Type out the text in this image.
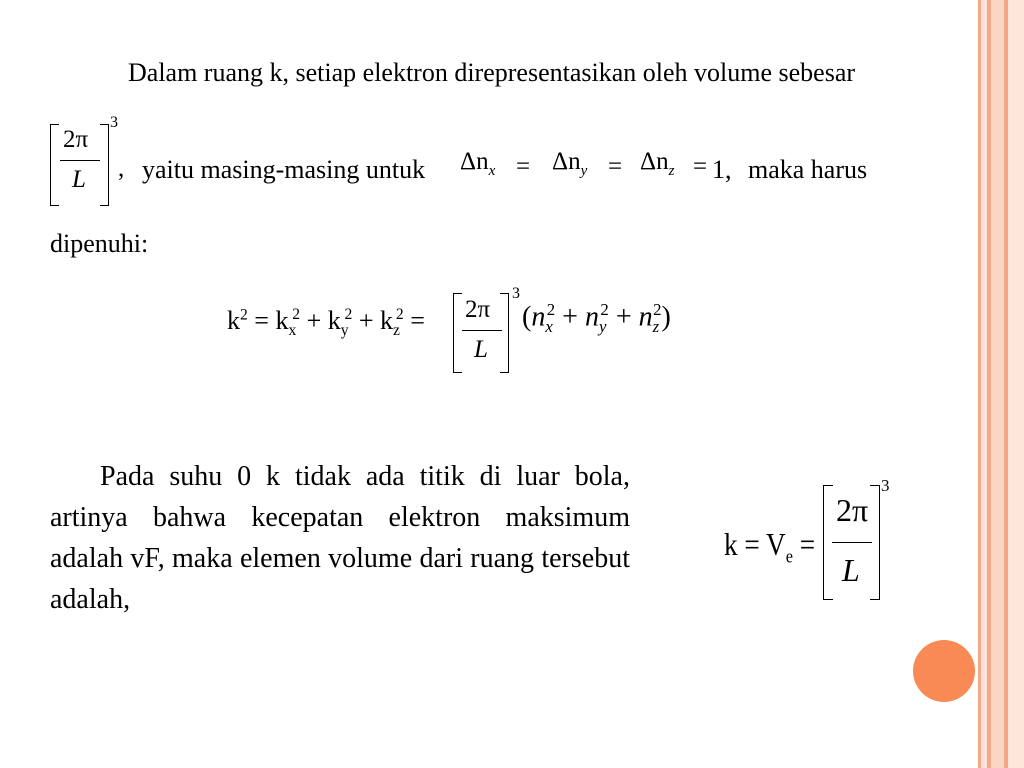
Dalam ruang k, setiap elektron direpresentasikan oleh volume sebesar
2π
L
3
, yaitu masing-masing untuk $\Delta n_x = \Delta n_y = \Delta n_z = 1$, maka harus
dipenuhi:
$k^2 = k_x^2 + k_y^2 + k_z^2 = 2\pi$
L
3
$(n_x^2 + n_y^2 + n_z^2)$
Pada suhu 0 k tidak ada titik di luar bola, artinya bahwa kecepatan elektron maksimum adalah vF, maka elemen volume dari ruang tersebut adalah,
$k = V_e$ =
2π
L
3
